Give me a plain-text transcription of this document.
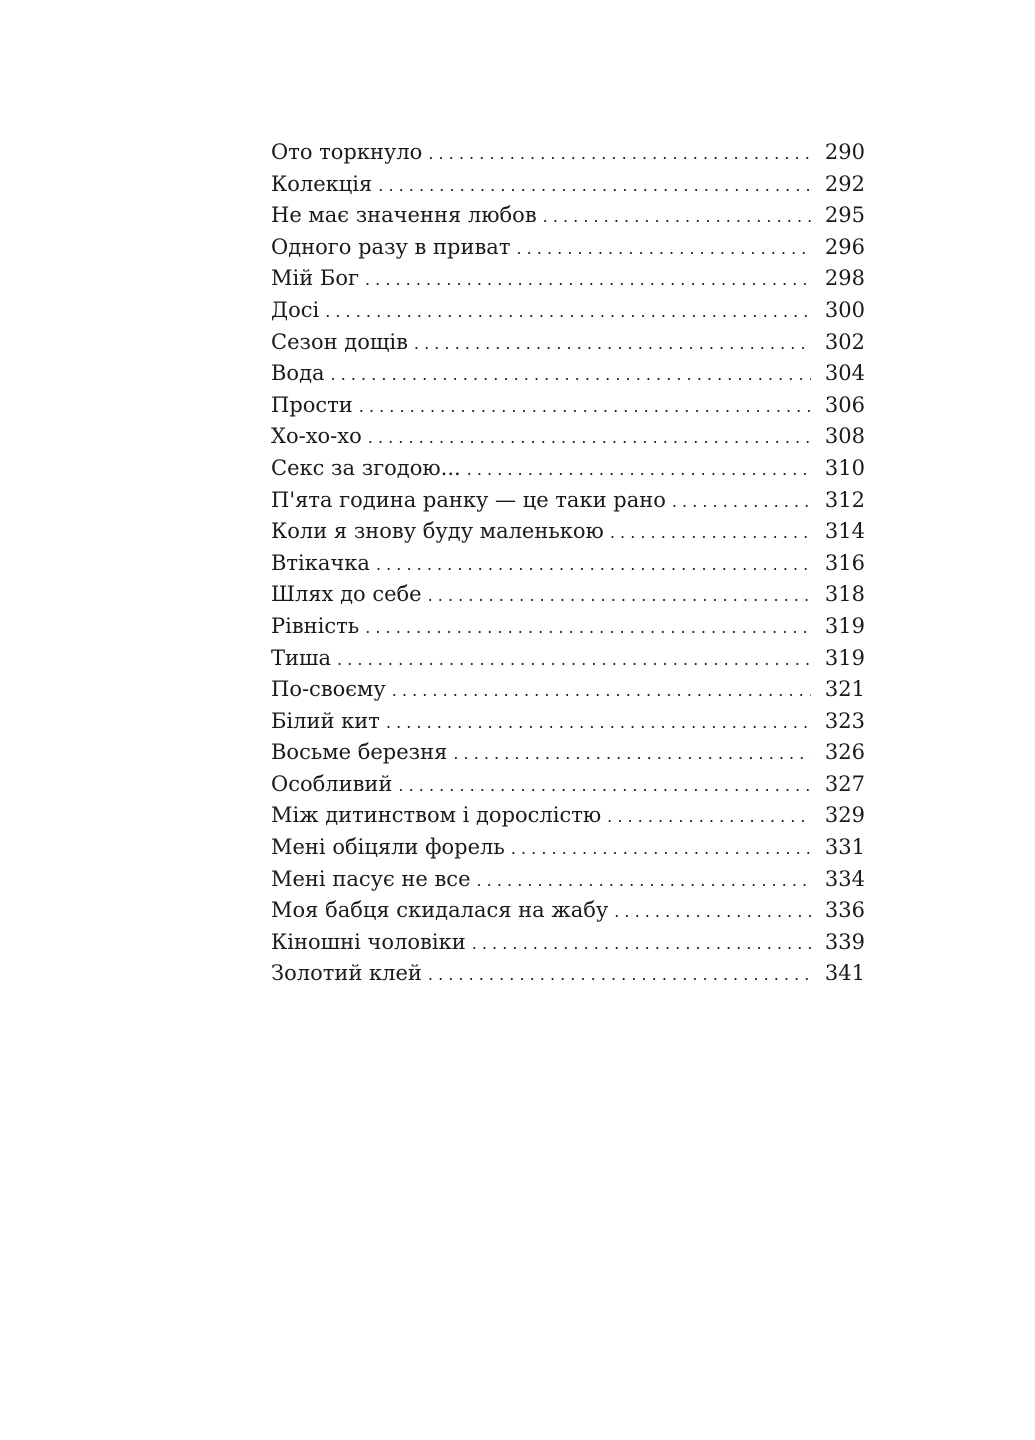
Ото торкнуло . . .	290
Колекція . . .	292
Не має значення любов . . .	295
Одного разу в приват . . .	296
Мій Бог . . .	298
Досі . . .	300
Сезон дощів . . .	302
Вода . . .	304
Прости . . .	306
Хо-хо-хо . . .	308
Секс за згодою... . . .	310
П'ята година ранку — це таки рано . . .	312
Коли я знову буду маленькою . . .	314
Втікачка . . .	316
Шлях до себе . . .	318
Рівність . . .	319
Тиша . . .	319
По-своєму . . .	321
Білий кит . . .	323
Восьме березня . . .	326
Особливий . . .	327
Між дитинством і дорослістю . . .	329
Мені обіцяли форель . . .	331
Мені пасує не все . . .	334
Моя бабця скидалася на жабу . . .	336
Кіношні чоловіки . . .	339
Золотий клей . . .	341
